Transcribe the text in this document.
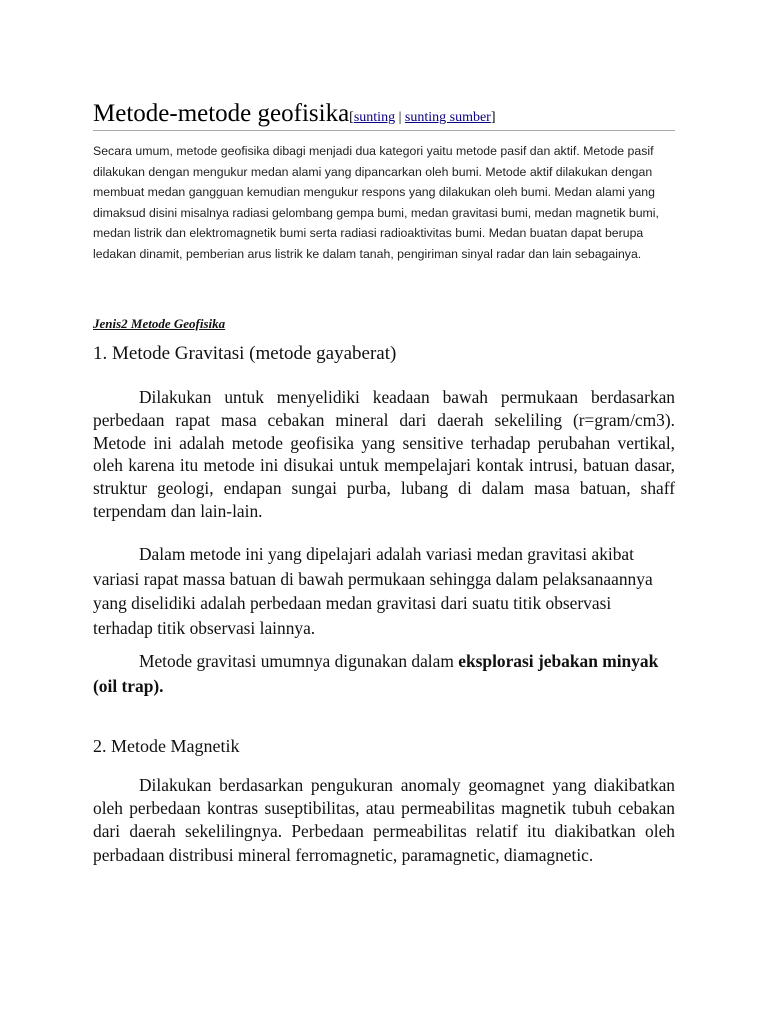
Metode-metode geofisika[sunting | sunting sumber]
Secara umum, metode geofisika dibagi menjadi dua kategori yaitu metode pasif dan aktif. Metode pasif dilakukan dengan mengukur medan alami yang dipancarkan oleh bumi. Metode aktif dilakukan dengan membuat medan gangguan kemudian mengukur respons yang dilakukan oleh bumi. Medan alami yang dimaksud disini misalnya radiasi gelombang gempa bumi, medan gravitasi bumi, medan magnetik bumi, medan listrik dan elektromagnetik bumi serta radiasi radioaktivitas bumi. Medan buatan dapat berupa ledakan dinamit, pemberian arus listrik ke dalam tanah, pengiriman sinyal radar dan lain sebagainya.
Jenis2 Metode Geofisika
1. Metode Gravitasi (metode gayaberat)
Dilakukan untuk menyelidiki keadaan bawah permukaan berdasarkan perbedaan rapat masa cebakan mineral dari daerah sekeliling (r=gram/cm3). Metode ini adalah metode geofisika yang sensitive terhadap perubahan vertikal, oleh karena itu metode ini disukai untuk mempelajari kontak intrusi, batuan dasar, struktur geologi, endapan sungai purba, lubang di dalam masa batuan, shaff terpendam dan lain-lain.
Dalam metode ini yang dipelajari adalah variasi medan gravitasi akibat variasi rapat massa batuan di bawah permukaan sehingga dalam pelaksanaannya yang diselidiki adalah perbedaan medan gravitasi dari suatu titik observasi terhadap titik observasi lainnya.
Metode gravitasi umumnya digunakan dalam eksplorasi jebakan minyak (oil trap).
2. Metode Magnetik
Dilakukan berdasarkan pengukuran anomaly geomagnet yang diakibatkan oleh perbedaan kontras suseptibilitas, atau permeabilitas magnetik tubuh cebakan dari daerah sekelilingnya. Perbedaan permeabilitas relatif itu diakibatkan oleh perbadaan distribusi mineral ferromagnetic, paramagnetic, diamagnetic.
